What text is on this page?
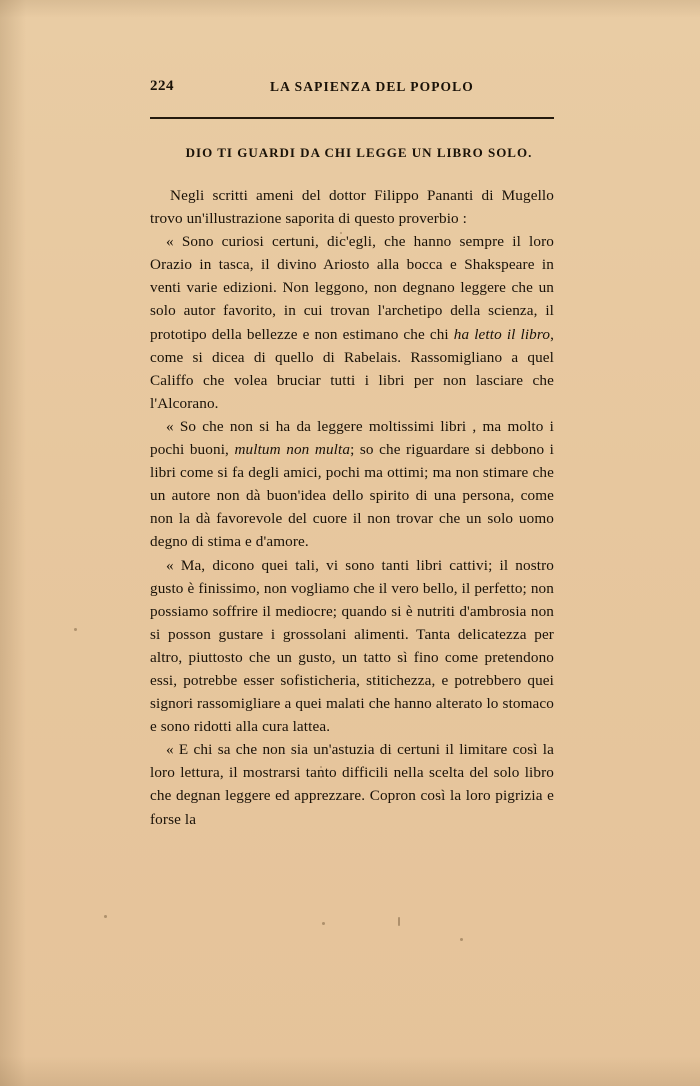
224	LA SAPIENZA DEL POPOLO
DIO TI GUARDI DA CHI LEGGE UN LIBRO SOLO.

Negli scritti ameni del dottor Filippo Pananti di Mugello trovo un'illustrazione saporita di questo proverbio :

« Sono curiosi certuni, dic'egli, che hanno sempre il loro Orazio in tasca, il divino Ariosto alla bocca e Shakspeare in venti varie edizioni. Non leggono, non degnano leggere che un solo autor favorito, in cui trovan l'archetipo della scienza, il prototipo della bellezze e non estimano che chi ha letto il libro, come si dicea di quello di Rabelais. Rassomigliano a quel Califfo che volea bruciar tutti i libri per non lasciare che l'Alcorano.

« So che non si ha da leggere moltissimi libri , ma molto i pochi buoni, multum non multa; so che riguardare si debbono i libri come si fa degli amici, pochi ma ottimi; ma non stimare che un autore non dà buon'idea dello spirito di una persona, come non la dà favorevole del cuore il non trovar che un solo uomo degno di stima e d'amore.

« Ma, dicono quei tali, vi sono tanti libri cattivi; il nostro gusto è finissimo, non vogliamo che il vero bello, il perfetto; non possiamo soffrire il mediocre; quando si è nutriti d'ambrosia non si posson gustare i grossolani alimenti. Tanta delicatezza per altro, piuttosto che un gusto, un tatto sì fino come pretendono essi, potrebbe esser sofisticheria, stitichezza, e potrebbero quei signori rassomigliare a quei malati che hanno alterato lo stomaco e sono ridotti alla cura lattea.

« E chi sa che non sia un'astuzia di certuni il limitare così la loro lettura, il mostrarsi tanto difficili nella scelta del solo libro che degnan leggere ed apprezzare. Copron così la loro pigrizia e forse la
